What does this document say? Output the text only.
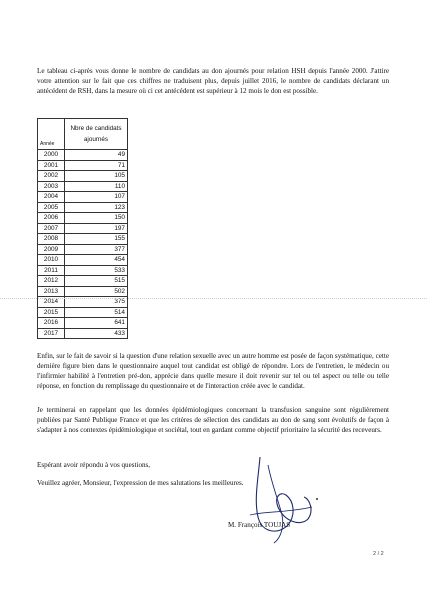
Le tableau ci-après vous donne le nombre de candidats au don ajournés pour relation HSH depuis l'année 2000. J'attire votre attention sur le fait que ces chiffres ne traduisent plus, depuis juillet 2016, le nombre de candidats déclarant un antécédent de RSH, dans la mesure où ci cet antécédent est supérieur à 12 mois le don est possible.

Année	Nbre de candidats
ajournés
2000	49
2001	71
2002	105
2003	110
2004	107
2005	123
2006	150
2007	197
2008	155
2009	377
2010	454
2011	533
2012	515
2013	502
2014	375
2015	514
2016	641
2017	433

Enfin, sur le fait de savoir si la question d'une relation sexuelle avec un autre homme est posée de façon systématique, cette dernière figure bien dans le questionnaire auquel tout candidat est obligé de répondre. Lors de l'entretien, le médecin ou l'infirmier habilité à l'entretien pré-don, apprécie dans quelle mesure il doit revenir sur tel ou tel aspect ou telle ou telle réponse, en fonction du remplissage du questionnaire et de l'interaction créée avec le candidat.

Je terminerai en rappelant que les données épidémiologiques concernant la transfusion sanguine sont régulièrement publiées par Santé Publique France et que les critères de sélection des candidats au don de sang sont évolutifs de façon à s'adapter à nos contextes épidémiologique et sociétal, tout en gardant comme objectif prioritaire la sécurité des receveurs.

Espérant avoir répondu à vos questions,

Veuillez agréer, Monsieur, l'expression de mes salutations les meilleures.

M. François TOUJAS
2 / 2
